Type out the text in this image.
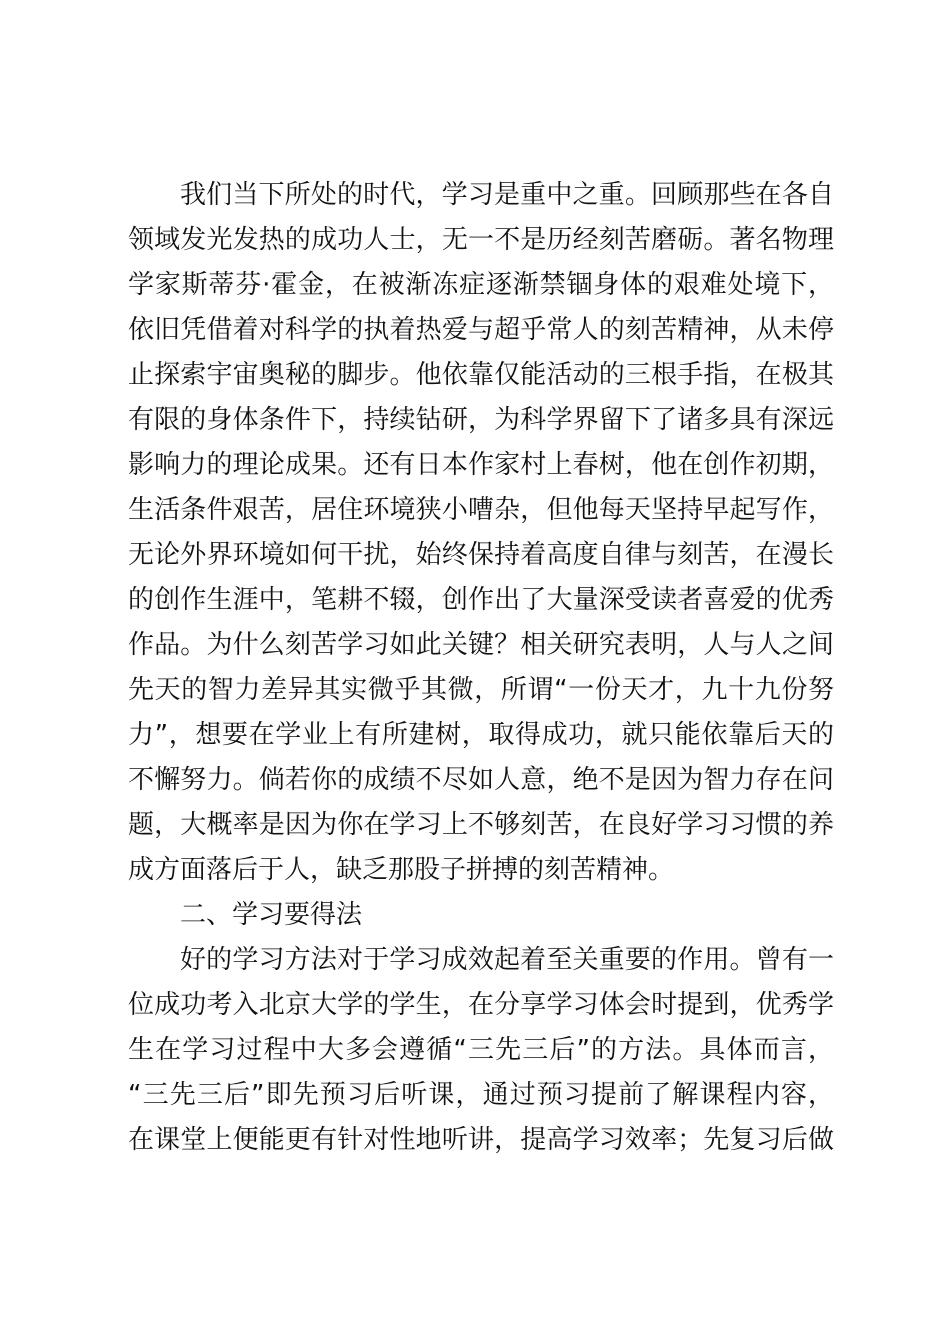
我们当下所处的时代，学习是重中之重。回顾那些在各自
领域发光发热的成功人士，无一不是历经刻苦磨砺。著名物理
学家斯蒂芬·霍金，在被渐冻症逐渐禁锢身体的艰难处境下，
依旧凭借着对科学的执着热爱与超乎常人的刻苦精神，从未停
止探索宇宙奥秘的脚步。他依靠仅能活动的三根手指，在极其
有限的身体条件下，持续钻研，为科学界留下了诸多具有深远
影响力的理论成果。还有日本作家村上春树，他在创作初期，
生活条件艰苦，居住环境狭小嘈杂，但他每天坚持早起写作，
无论外界环境如何干扰，始终保持着高度自律与刻苦，在漫长
的创作生涯中，笔耕不辍，创作出了大量深受读者喜爱的优秀
作品。为什么刻苦学习如此关键？相关研究表明，人与人之间
先天的智力差异其实微乎其微，所谓“一份天才，九十九份努
力”，想要在学业上有所建树，取得成功，就只能依靠后天的
不懈努力。倘若你的成绩不尽如人意，绝不是因为智力存在问
题，大概率是因为你在学习上不够刻苦，在良好学习习惯的养
成方面落后于人，缺乏那股子拼搏的刻苦精神。
二、学习要得法
好的学习方法对于学习成效起着至关重要的作用。曾有一
位成功考入北京大学的学生，在分享学习体会时提到，优秀学
生在学习过程中大多会遵循“三先三后”的方法。具体而言，
“三先三后”即先预习后听课，通过预习提前了解课程内容，
在课堂上便能更有针对性地听讲，提高学习效率；先复习后做
